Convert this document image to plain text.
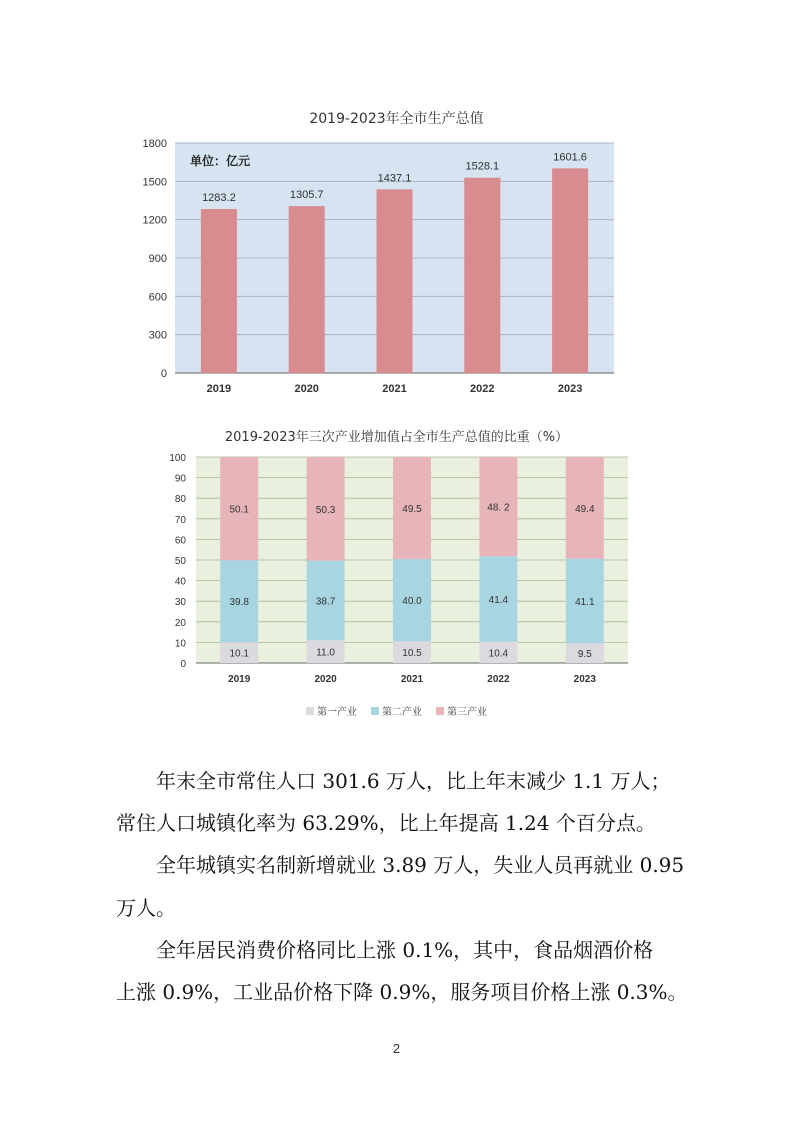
2019-2023年全市生产总值
0
300
600
900
1200
1500
1800
1283.2
2019
1305.7
2020
1437.1
2021
1528.1
2022
1601.6
2023
单位：亿元
2019-2023年三次产业增加值占全市生产总值的比重（%）
0
10
20
30
40
50
60
70
80
90
100
10.1
39.8
50.1
2019
11.0
38.7
50.3
2020
10.5
40.0
49.5
2021
10.4
41.4
48. 2
2022
9.5
41.1
49.4
2023
第一产业	第二产业	第三产业
年末全市常住人口 301.6 万人，比上年末减少 1.1 万人；
常住人口城镇化率为 63.29%，比上年提高 1.24 个百分点。
全年城镇实名制新增就业 3.89 万人，失业人员再就业 0.95
万人。
全年居民消费价格同比上涨 0.1%，其中，食品烟酒价格
上涨 0.9%，工业品价格下降 0.9%，服务项目价格上涨 0.3%。
2
